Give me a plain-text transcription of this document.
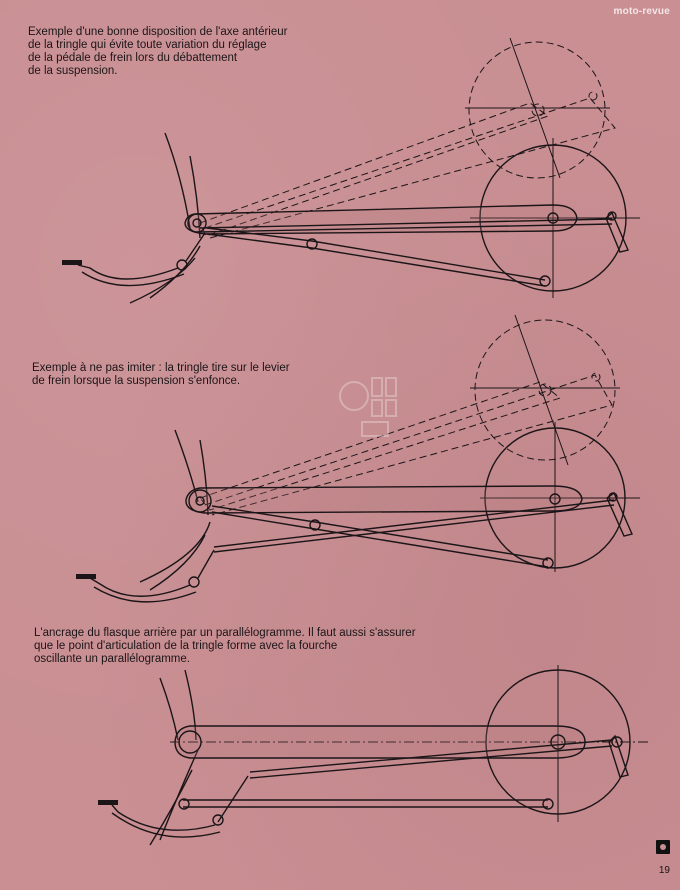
moto-revue

Exemple d'une bonne disposition de l'axe antérieur
de la tringle qui évite toute variation du réglage
de la pédale de frein lors du débattement
de la suspension.

Exemple à ne pas imiter : la tringle tire sur le levier
de frein lorsque la suspension s'enfonce.

L'ancrage du flasque arrière par un parallélogramme. Il faut aussi s'assurer
que le point d'articulation de la tringle forme avec la fourche
oscillante un parallélogramme.

19
